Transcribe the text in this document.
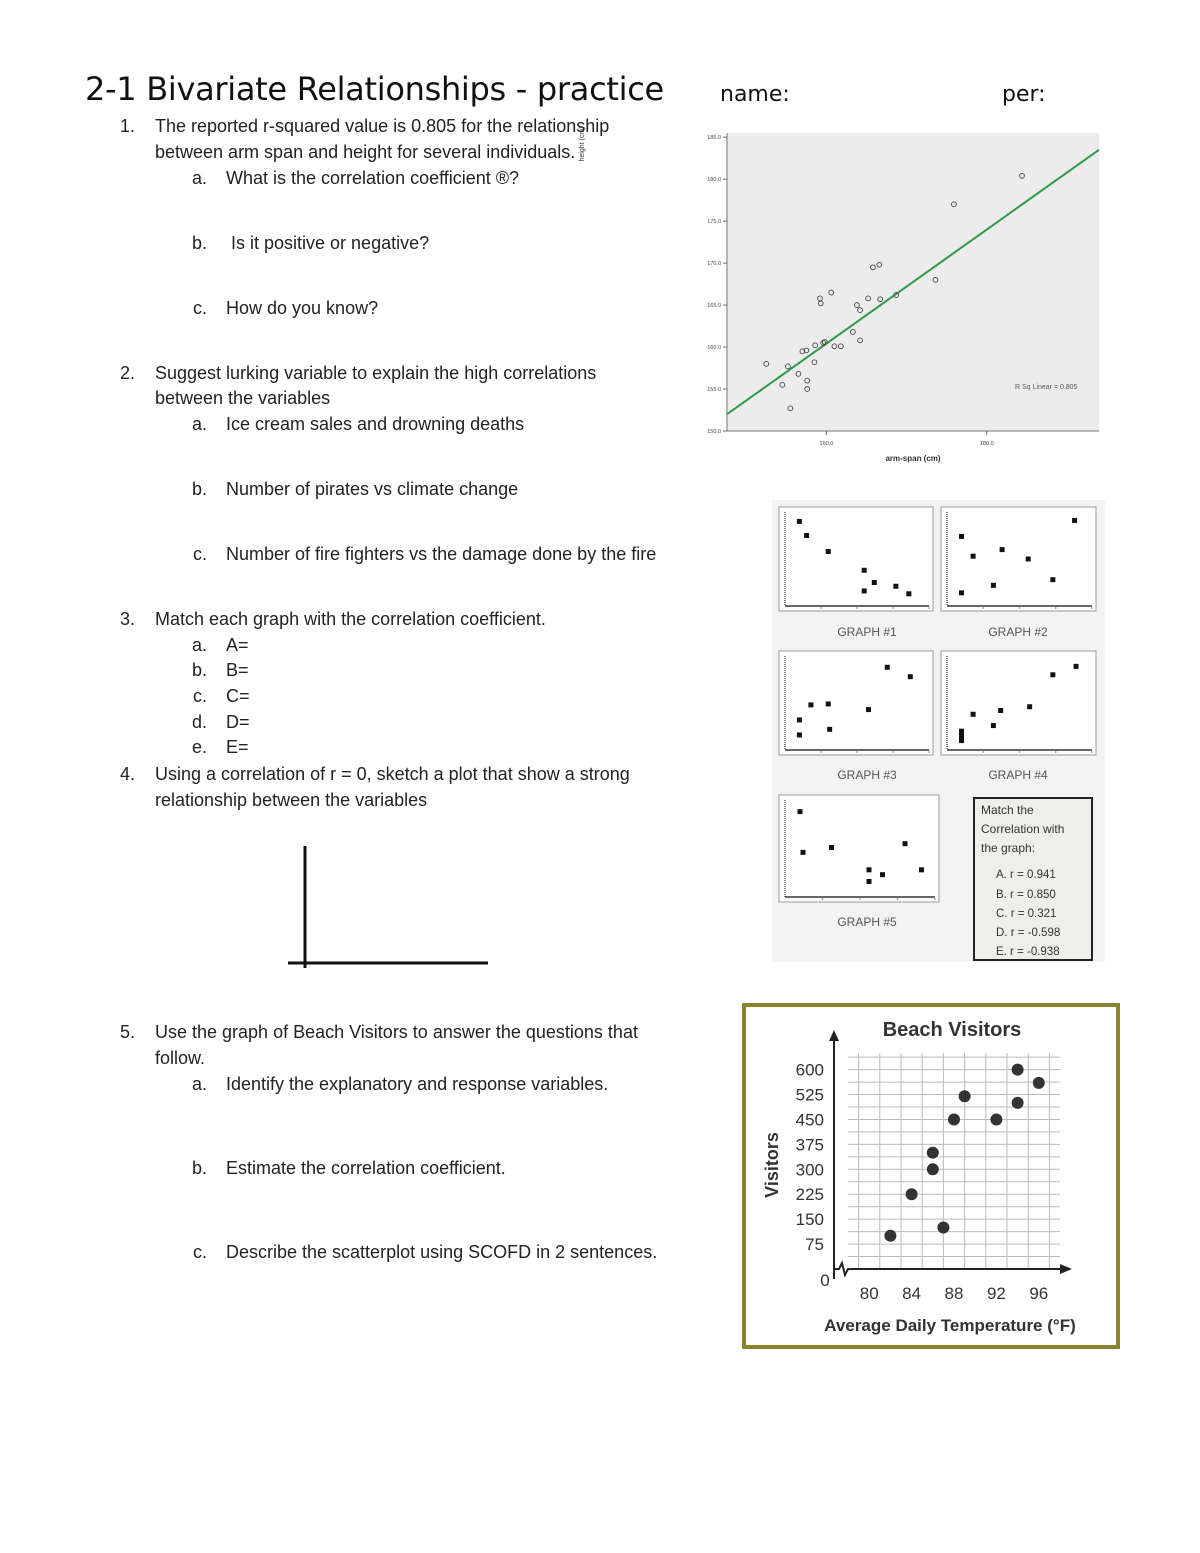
2-1 Bivariate Relationships - practice	name:	per:
1. The reported r-squared value is 0.805 for the relationship
between arm span and height for several individuals.
a. What is the correlation coefficient ®?
b. Is it positive or negative?
c. How do you know?
2. Suggest lurking variable to explain the high correlations
between the variables
a. Ice cream sales and drowning deaths
b. Number of pirates vs climate change
c. Number of fire fighters vs the damage done by the fire
3. Match each graph with the correlation coefficient.
a. A=
b. B=
c. C=
d. D=
e. E=
4. Using a correlation of r = 0, sketch a plot that show a strong
relationship between the variables
5. Use the graph of Beach Visitors to answer the questions that
follow.
a. Identify the explanatory and response variables.
b. Estimate the correlation coefficient.
c. Describe the scatterplot using SCOFD in 2 sentences.
150.0
155.0
160.0
165.0
170.0
175.0
180.0
185.0
160.0	180.0
height (cm)
arm-span (cm)
R Sq Linear = 0.805
GRAPH #1	GRAPH #2
GRAPH #3	GRAPH #4
GRAPH #5
Match the
Correlation with
the graph:
A. r = 0.941
B. r = 0.850
C. r = 0.321
D. r = -0.598
E. r = -0.938
Beach Visitors
75
150
225
300
375
450
525
600
80 84 88 92 96
Visitors
Average Daily Temperature (°F)
0
